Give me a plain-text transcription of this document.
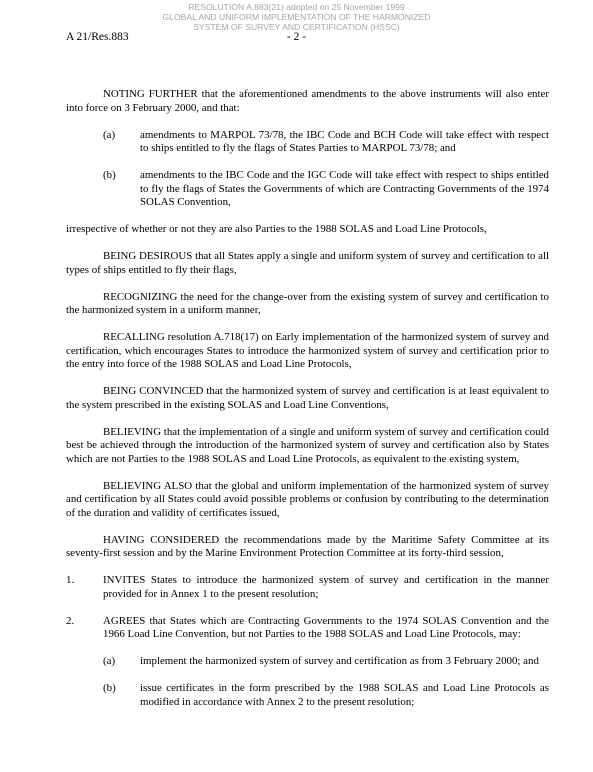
RESOLUTION A.883(21) adopted on 25 November 1999
GLOBAL AND UNIFORM IMPLEMENTATION OF THE HARMONIZED
SYSTEM OF SURVEY AND CERTIFICATION (HSSC)
A 21/Res.883	- 2 -

NOTING FURTHER that the aforementioned amendments to the above instruments will also enter into force on 3 February 2000, and that:

(a)	amendments to MARPOL 73/78, the IBC Code and BCH Code will take effect with respect to ships entitled to fly the flags of States Parties to MARPOL 73/78; and
(b)	amendments to the IBC Code and the IGC Code will take effect with respect to ships entitled to fly the flags of States the Governments of which are Contracting Governments of the 1974 SOLAS Convention,

irrespective of whether or not they are also Parties to the 1988 SOLAS and Load Line Protocols,

BEING DESIROUS that all States apply a single and uniform system of survey and certification to all types of ships entitled to fly their flags,

RECOGNIZING the need for the change-over from the existing system of survey and certification to the harmonized system in a uniform manner,

RECALLING resolution A.718(17) on Early implementation of the harmonized system of survey and certification, which encourages States to introduce the harmonized system of survey and certification prior to the entry into force of the 1988 SOLAS and Load Line Protocols,

BEING CONVINCED that the harmonized system of survey and certification is at least equivalent to the system prescribed in the existing SOLAS and Load Line Conventions,

BELIEVING that the implementation of a single and uniform system of survey and certification could best be achieved through the introduction of the harmonized system of survey and certification also by States which are not Parties to the 1988 SOLAS and Load Line Protocols, as equivalent to the existing system,

BELIEVING ALSO that the global and uniform implementation of the harmonized system of survey and certification by all States could avoid possible problems or confusion by contributing to the determination of the duration and validity of certificates issued,

HAVING CONSIDERED the recommendations made by the Maritime Safety Committee at its seventy-first session and by the Marine Environment Protection Committee at its forty-third session,

1.	INVITES States to introduce the harmonized system of survey and certification in the manner provided for in Annex 1 to the present resolution;
2.	AGREES that States which are Contracting Governments to the 1974 SOLAS Convention and the 1966 Load Line Convention, but not Parties to the 1988 SOLAS and Load Line Protocols, may:
(a)	implement the harmonized system of survey and certification as from 3 February 2000; and
(b)	issue certificates in the form prescribed by the 1988 SOLAS and Load Line Protocols as modified in accordance with Annex 2 to the present resolution;
